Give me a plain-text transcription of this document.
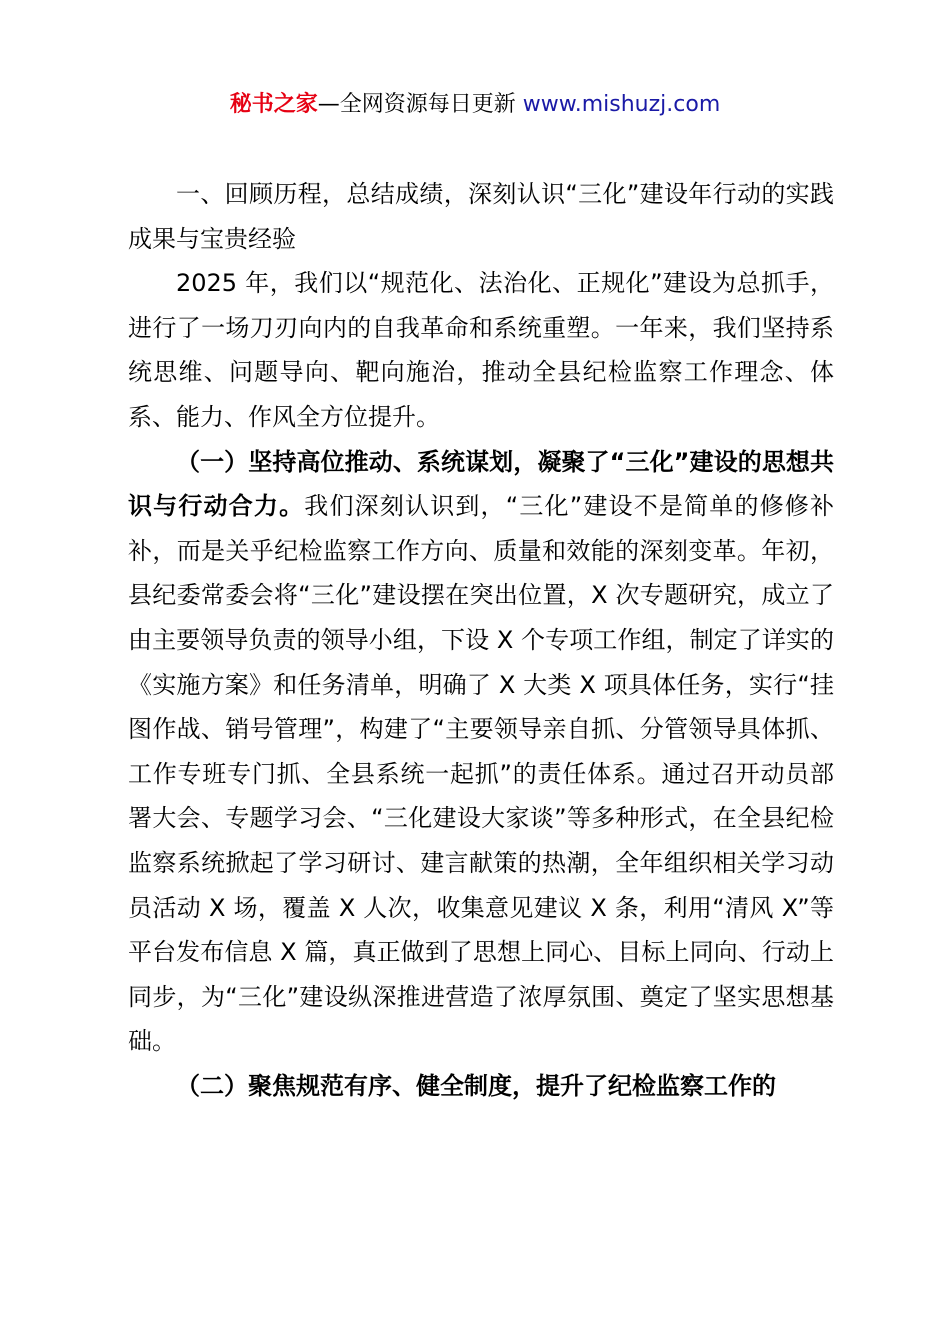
秘书之家—全网资源每日更新 www.mishuzj.com

一、回顾历程，总结成绩，深刻认识“三化”建设年行动的实践成果与宝贵经验

2025 年，我们以“规范化、法治化、正规化”建设为总抓手，进行了一场刀刃向内的自我革命和系统重塑。一年来，我们坚持系统思维、问题导向、靶向施治，推动全县纪检监察工作理念、体系、能力、作风全方位提升。

（一）坚持高位推动、系统谋划，凝聚了“三化”建设的思想共识与行动合力。我们深刻认识到，“三化”建设不是简单的修修补补，而是关乎纪检监察工作方向、质量和效能的深刻变革。年初，县纪委常委会将“三化”建设摆在突出位置，X 次专题研究，成立了由主要领导负责的领导小组，下设 X 个专项工作组，制定了详实的《实施方案》和任务清单，明确了 X 大类 X 项具体任务，实行“挂图作战、销号管理”，构建了“主要领导亲自抓、分管领导具体抓、工作专班专门抓、全县系统一起抓”的责任体系。通过召开动员部署大会、专题学习会、“三化建设大家谈”等多种形式，在全县纪检监察系统掀起了学习研讨、建言献策的热潮，全年组织相关学习动员活动 X 场，覆盖 X 人次，收集意见建议 X 条，利用“清风 X”等平台发布信息 X 篇，真正做到了思想上同心、目标上同向、行动上同步，为“三化”建设纵深推进营造了浓厚氛围、奠定了坚实思想基础。

（二）聚焦规范有序、健全制度，提升了纪检监察工作的
